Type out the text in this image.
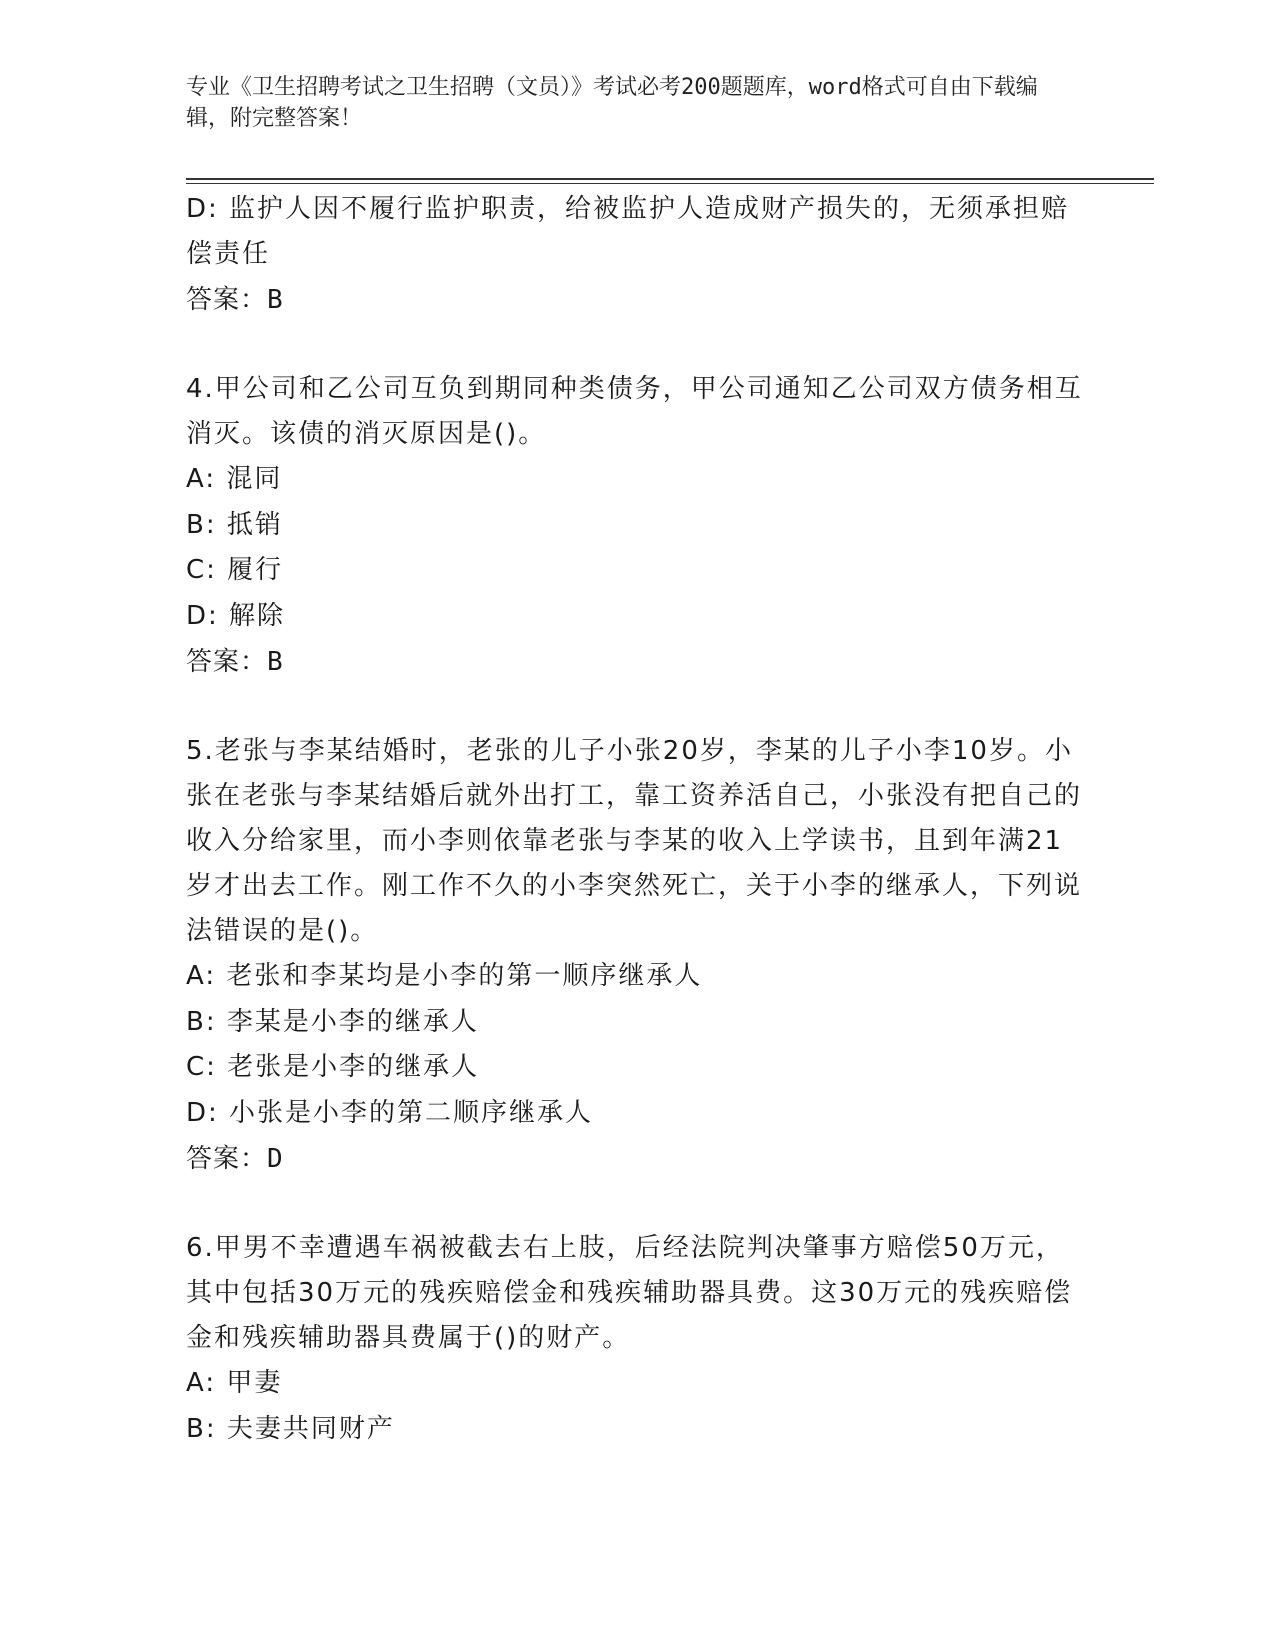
专业《卫生招聘考试之卫生招聘（文员）》考试必考200题题库，word格式可自由下载编辑，附完整答案！

D: 监护人因不履行监护职责，给被监护人造成财产损失的，无须承担赔偿责任

答案：B

4.甲公司和乙公司互负到期同种类债务，甲公司通知乙公司双方债务相互消灭。该债的消灭原因是()。

A: 混同

B: 抵销

C: 履行

D: 解除

答案：B

5.老张与李某结婚时，老张的儿子小张20岁，李某的儿子小李10岁。小张在老张与李某结婚后就外出打工，靠工资养活自己，小张没有把自己的收入分给家里，而小李则依靠老张与李某的收入上学读书，且到年满21岁才出去工作。刚工作不久的小李突然死亡，关于小李的继承人，下列说法错误的是()。

A: 老张和李某均是小李的第一顺序继承人

B: 李某是小李的继承人

C: 老张是小李的继承人

D: 小张是小李的第二顺序继承人

答案：D

6.甲男不幸遭遇车祸被截去右上肢，后经法院判决肇事方赔偿50万元，其中包括30万元的残疾赔偿金和残疾辅助器具费。这30万元的残疾赔偿金和残疾辅助器具费属于()的财产。

A: 甲妻

B: 夫妻共同财产
